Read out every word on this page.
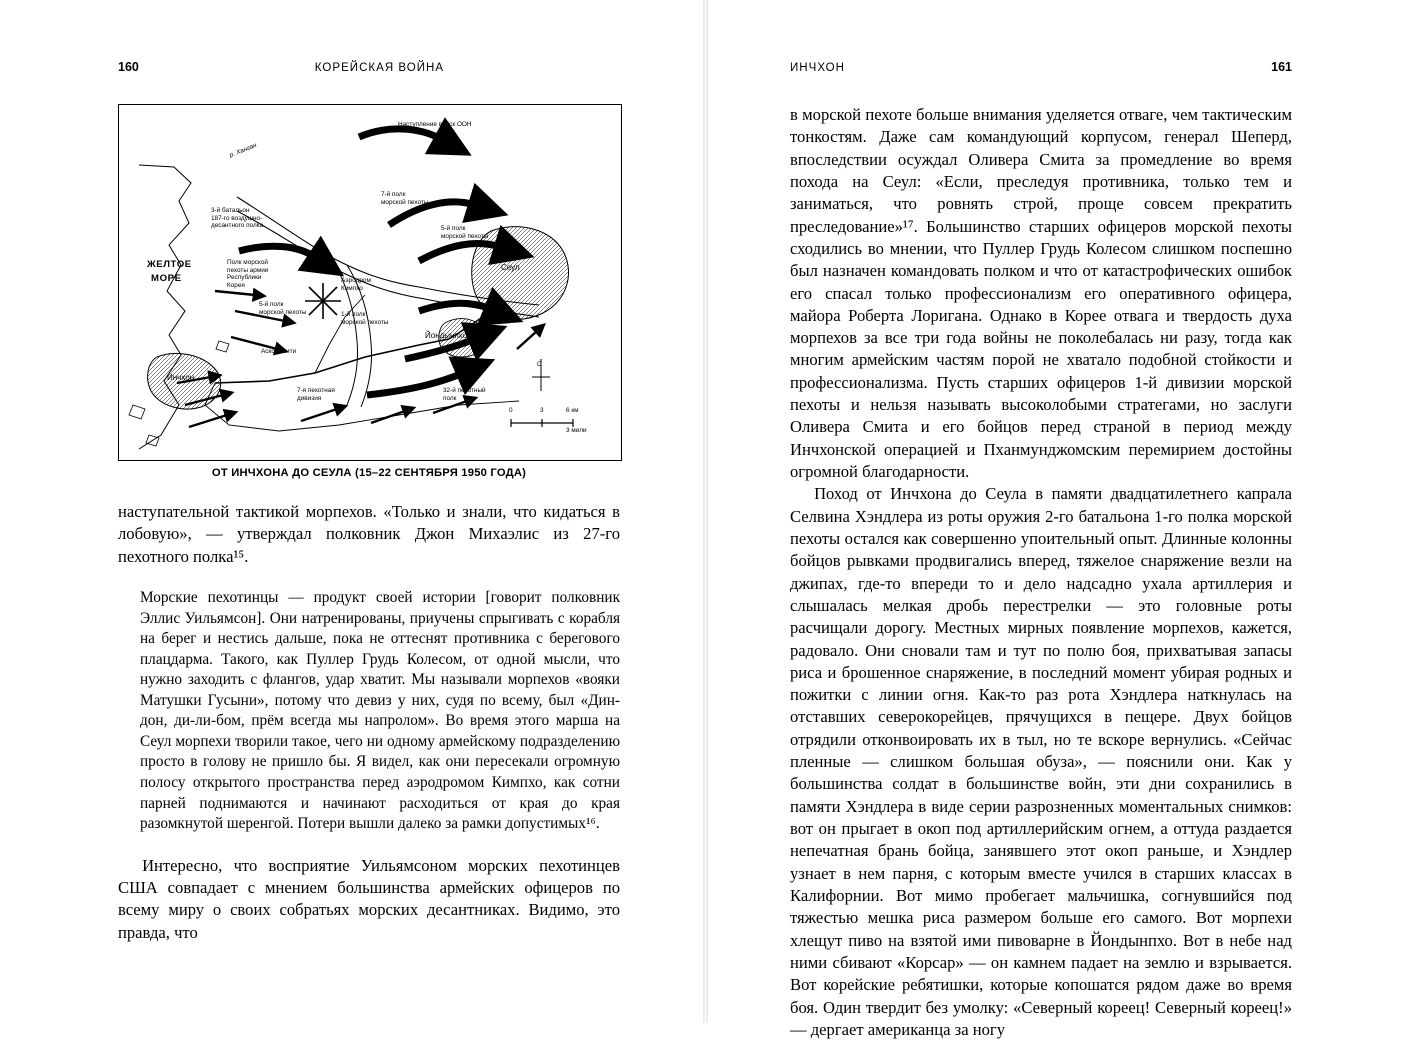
160	КОРЕЙСКАЯ ВОЙНА
Наступление войск ООН
р. Ханган
ЖЕЛТОЕ
МОРЕ
3-й батальон
187-го воздушно-
десантного полка
Полк морской
пехоты армии
Республики
Корея
7-й полк
морской пехоты
5-й полк
морской пехоты
5-й полк
морской пехоты	1-й полк
морской пехоты
Аэродром
Кимпхо
Сеул
Инчхон
Аском-Сити
Йондынпхо
7-я пехотная
дивизия
32-й пехотный
полк
С
0	3	6 км
3 мили
ОТ ИНЧХОНА ДО СЕУЛА (15–22 СЕНТЯБРЯ 1950 ГОДА)

наступательной тактикой морпехов. «Только и знали, что кидаться в лобовую», — утверждал полковник Джон Михаэлис из 27-го пехотного полка¹⁵.

Морские пехотинцы — продукт своей истории [говорит полковник Эллис Уильямсон]. Они натренированы, приучены спрыгивать с корабля на берег и нестись дальше, пока не оттеснят противника с берегового плацдарма. Такого, как Пуллер Грудь Колесом, от одной мысли, что нужно заходить с флангов, удар хватит. Мы называли морпехов «вояки Матушки Гусыни», потому что девиз у них, судя по всему, был «Дин-дон, ди-ли-бом, прём всегда мы напролом». Во время этого марша на Сеул морпехи творили такое, чего ни одному армейскому подразделению просто в голову не пришло бы. Я видел, как они пересекали огромную полосу открытого пространства перед аэродромом Кимпхо, как сотни парней поднимаются и начинают расходиться от края до края разомкнутой шеренгой. Потери вышли далеко за рамки допустимых¹⁶.

Интересно, что восприятие Уильямсоном морских пехотинцев США совпадает с мнением большинства армейских офицеров по всему миру о своих собратьях морских десантниках. Видимо, это правда, что

ИНЧХОН	161

в морской пехоте больше внимания уделяется отваге, чем тактическим тонкостям. Даже сам командующий корпусом, генерал Шеперд, впоследствии осуждал Оливера Смита за промедление во время похода на Сеул: «Если, преследуя противника, только тем и заниматься, что ровнять строй, проще совсем прекратить преследование»¹⁷. Большинство старших офицеров морской пехоты сходились во мнении, что Пуллер Грудь Колесом слишком поспешно был назначен командовать полком и что от катастрофических ошибок его спасал только профессионализм его оперативного офицера, майора Роберта Лоригана. Однако в Корее отвага и твердость духа морпехов за все три года войны не поколебалась ни разу, тогда как многим армейским частям порой не хватало подобной стойкости и профессионализма. Пусть старших офицеров 1-й дивизии морской пехоты и нельзя называть высоколобыми стратегами, но заслуги Оливера Смита и его бойцов перед страной в период между Инчхонской операцией и Пханмунджомским перемирием достойны огромной благодарности.

Поход от Инчхона до Сеула в памяти двадцатилетнего капрала Селвина Хэндлера из роты оружия 2-го батальона 1-го полка морской пехоты остался как совершенно упоительный опыт. Длинные колонны бойцов рывками продвигались вперед, тяжелое снаряжение везли на джипах, где-то впереди то и дело надсадно ухала артиллерия и слышалась мелкая дробь перестрелки — это головные роты расчищали дорогу. Местных мирных появление морпехов, кажется, радовало. Они сновали там и тут по полю боя, прихватывая запасы риса и брошенное снаряжение, в последний момент убирая родных и пожитки с линии огня. Как-то раз рота Хэндлера наткнулась на отставших северокорейцев, прячущихся в пещере. Двух бойцов отрядили отконвоировать их в тыл, но те вскоре вернулись. «Сейчас пленные — слишком большая обуза», — пояснили они. Как у большинства солдат в большинстве войн, эти дни сохранились в памяти Хэндлера в виде серии разрозненных моментальных снимков: вот он прыгает в окоп под артиллерийским огнем, а оттуда раздается непечатная брань бойца, занявшего этот окоп раньше, и Хэндлер узнает в нем парня, с которым вместе учился в старших классах в Калифорнии. Вот мимо пробегает мальчишка, согнувшийся под тяжестью мешка риса размером больше его самого. Вот морпехи хлещут пиво на взятой ими пивоварне в Йондынпхо. Вот в небе над ними сбивают «Корсар» — он камнем падает на землю и взрывается. Вот корейские ребятишки, которые копошатся рядом даже во время боя. Один твердит без умолку: «Северный кореец! Северный кореец!» — дергает американца за ногу
